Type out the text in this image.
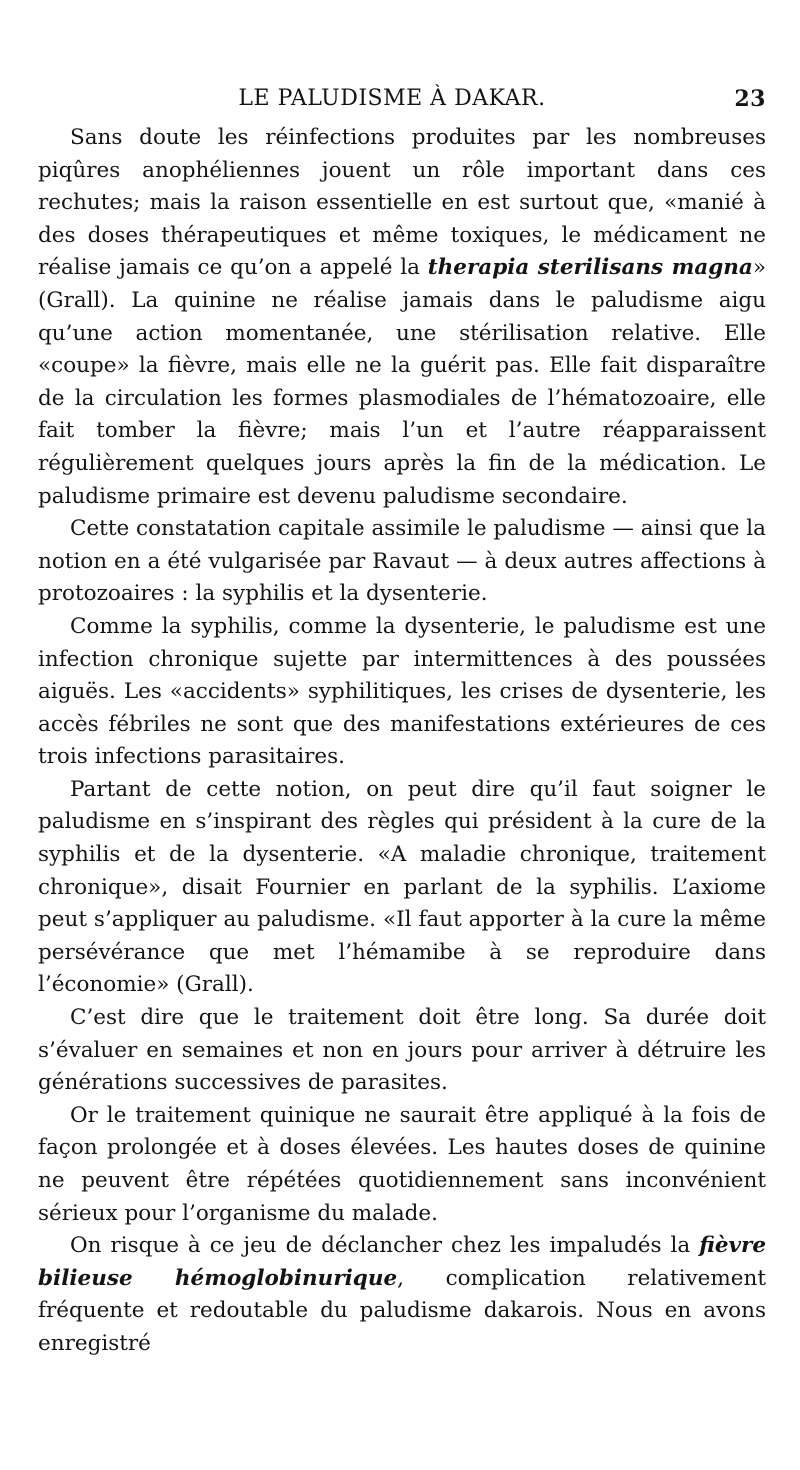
LE PALUDISME À DAKAR.	23

Sans doute les réinfections produites par les nombreuses piqûres anophéliennes jouent un rôle important dans ces rechutes; mais la raison essentielle en est surtout que, «manié à des doses thérapeutiques et même toxiques, le médicament ne réalise jamais ce qu’on a appelé la therapia sterilisans magna» (Grall). La quinine ne réalise jamais dans le paludisme aigu qu’une action momentanée, une stérilisation relative. Elle «coupe» la fièvre, mais elle ne la guérit pas. Elle fait disparaître de la circulation les formes plasmodiales de l’hématozoaire, elle fait tomber la fièvre; mais l’un et l’autre réapparaissent régulièrement quelques jours après la fin de la médication. Le paludisme primaire est devenu paludisme secondaire.

Cette constatation capitale assimile le paludisme — ainsi que la notion en a été vulgarisée par Ravaut — à deux autres affections à protozoaires : la syphilis et la dysenterie.

Comme la syphilis, comme la dysenterie, le paludisme est une infection chronique sujette par intermittences à des poussées aiguës. Les «accidents» syphilitiques, les crises de dysenterie, les accès fébriles ne sont que des manifestations extérieures de ces trois infections parasitaires.

Partant de cette notion, on peut dire qu’il faut soigner le paludisme en s’inspirant des règles qui président à la cure de la syphilis et de la dysenterie. «A maladie chronique, traitement chronique», disait Fournier en parlant de la syphilis. L’axiome peut s’appliquer au paludisme. «Il faut apporter à la cure la même persévérance que met l’hémamibe à se reproduire dans l’économie» (Grall).

C’est dire que le traitement doit être long. Sa durée doit s’évaluer en semaines et non en jours pour arriver à détruire les générations successives de parasites.

Or le traitement quinique ne saurait être appliqué à la fois de façon prolongée et à doses élevées. Les hautes doses de quinine ne peuvent être répétées quotidiennement sans inconvénient sérieux pour l’organisme du malade.

On risque à ce jeu de déclancher chez les impaludés la fièvre bilieuse hémoglobinurique, complication relativement fréquente et redoutable du paludisme dakarois. Nous en avons enregistré
